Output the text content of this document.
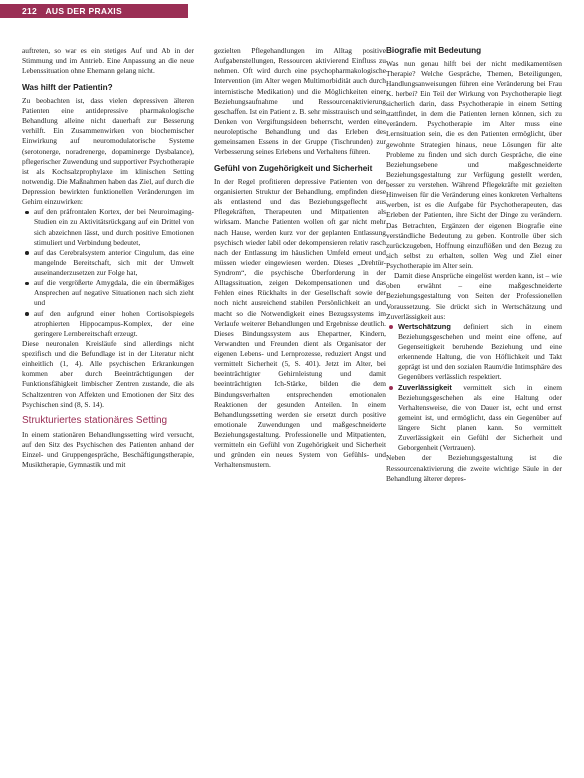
212 AUS DER PRAXIS

auftreten, so war es ein stetiges Auf und Ab in der Stimmung und im Antrieb. Eine Anpassung an die neue Lebenssituation ohne Ehemann gelang nicht.

Was hilft der Patientin?

Zu beobachten ist, dass vielen depressiven älteren Patienten eine antidepressive pharmakologische Behandlung alleine nicht dauerhaft zur Besserung verhilft. Ein Zusammenwirken von biochemischer Einwirkung auf neuromodulatorische Systeme (serotonerge, noradrenerge, dopaminerge Dysbalance), pflegerischer Zuwendung und supportiver Psychotherapie ist als Kochsalzprophylaxe im klinischen Setting notwendig. Die Maßnahmen haben das Ziel, auf durch die Depression bewirkten funktionellen Veränderungen im Gehirn einzuwirken:

auf den präfrontalen Kortex, der bei Neuroimaging-Studien ein zu Aktivitätsrückgang auf ein Drittel von sich abzeichnen lässt, und durch positive Emotionen stimuliert und Verbindung bedeutet,
auf das Cerebralsystem anterior Cingulum, das eine mangelnde Bereitschaft, sich mit der Umwelt auseinanderzusetzen zur Folge hat,
auf die vergrößerte Amygdala, die ein übermäßiges Ansprechen auf negative Situationen nach sich zieht und
auf den aufgrund einer hohen Cortisolspiegels atrophierten Hippocampus-Komplex, der eine geringere Lernbereitschaft erzeugt.

Diese neuronalen Kreisläufe sind allerdings nicht spezifisch und die Befundlage ist in der Literatur nicht einheitlich (1, 4). Alle psychischen Erkrankungen kommen aber durch Beeinträchtigungen der Funktionsfähigkeit limbischer Zentren zustande, die als Schaltzentren von Affekten und Emotionen der Sitz des Psychischen sind (8, S. 14).

Strukturiertes stationäres Setting

In einem stationären Behandlungssetting wird versucht, auf den Sitz des Psychischen des Patienten anhand der Einzel- und Gruppengespräche, Beschäftigungstherapie, Musiktherapie, Gymnastik und mit

gezielten Pflegehandlungen im Alltag positive Aufgabenstellungen, Ressourcen aktivierend Einfluss zu nehmen. Oft wird durch eine psychopharmakologische Intervention (im Alter wegen Multimorbidität auch durch internistische Medikation) und die Möglichkeiten einer Beziehungsaufnahme und Ressourcenaktivierung geschaffen. Ist ein Patient z. B. sehr misstrauisch und sein Denken von Vergiftungsideen beherrscht, werden eine neuroleptische Behandlung und das Erleben des gemeinsamen Essens in der Gruppe (Tischrunden) zur Verbesserung seines Erlebens und Verhaltens führen.

Gefühl von Zugehörigkeit und Sicherheit

In der Regel profitieren depressive Patienten von der organisierten Struktur der Behandlung, empfinden diese als entlastend und das Beziehungsgeflecht aus Pflegekräften, Therapeuten und Mitpatienten als wirksam. Manche Patienten wollen oft gar nicht mehr nach Hause, werden kurz vor der geplanten Entlassung psychisch wieder labil oder dekompensieren relativ rasch nach der Entlassung im häuslichen Umfeld erneut und müssen wieder eingewiesen werden. Dieses „Drehtür-Syndrom“, die psychische Überforderung in der Alltagssituation, zeigen Dekompensationen und das Fehlen eines Rückhalts in der Gesellschaft sowie der noch nicht ausreichend stabilen Persönlichkeit an und macht so die Notwendigkeit eines Bezugssystems im Verlaufe weiterer Behandlungen und Ergebnisse deutlich. Dieses Bindungssystem aus Ehepartner, Kindern, Verwandten und Freunden dient als Organisator der eigenen Lebens- und Lernprozesse, reduziert Angst und vermittelt Sicherheit (5, S. 401). Jetzt im Alter, bei beeinträchtigter Gehirnleistung und damit beeinträchtigten Ich-Stärke, bilden die dem Bindungsverhalten entsprechenden emotionalen Reaktionen der gesunden Anteilen. In einem Behandlungssetting werden sie ersetzt durch positive emotionale Zuwendungen und maßgeschneiderte Beziehungsgestaltung. Professionelle und Mitpatienten, vermitteln ein Gefühl von Zugehörigkeit und Sicherheit und gründen ein neues System von Gefühls- und Verhaltensmustern.

Biografie mit Bedeutung

Was nun genau hilft bei der nicht medikamentösen Therapie? Welche Gespräche, Themen, Beteiligungen, Handlungsanweisungen führen eine Veränderung bei Frau K. herbei? Ein Teil der Wirkung von Psychotherapie liegt sicherlich darin, dass Psychotherapie in einem Setting stattfindet, in dem die Patienten lernen können, sich zu verändern. Psychotherapie im Alter muss eine Lernsituation sein, die es den Patienten ermöglicht, über gewohnte Strategien hinaus, neue Lösungen für alte Probleme zu finden und sich durch Gespräche, die eine Beziehungsebene und maßgeschneiderte Beziehungsgestaltung zur Verfügung gestellt werden, besser zu verstehen. Während Pflegekräfte mit gezielten Hinweisen für die Veränderung eines konkreten Verhaltens werben, ist es die Aufgabe für Psychotherapeuten, das Erleben der Patienten, ihre Sicht der Dinge zu verändern. Das Betrachten, Ergänzen der eigenen Biografie eine verständliche Bedeutung zu geben. Kontrolle über sich zurückzugeben, Hoffnung einzuflößen und den Bezug zu sich selbst zu erhalten, sollen Weg und Ziel einer Psychotherapie im Alter sein.

Damit diese Ansprüche eingelöst werden kann, ist – wie oben erwähnt – eine maßgeschneiderte Beziehungsgestaltung von Seiten der Professionellen Voraussetzung. Sie drückt sich in Wertschätzung und Zuverlässigkeit aus:

Wertschätzung definiert sich in einem Beziehungsgeschehen und meint eine offene, auf Gegenseitigkeit beruhende Beziehung und eine erkennende Haltung, die von Höflichkeit und Takt geprägt ist und den sozialen Raum/die Intimsphäre des Gegenübers verlässlich respektiert.
Zuverlässigkeit vermittelt sich in einem Beziehungsgeschehen als eine Haltung oder Verhaltensweise, die von Dauer ist, echt und ernst gemeint ist, und ermöglicht, dass ein Gegenüber auf längere Sicht planen kann. So vermittelt Zuverlässigkeit ein Gefühl der Sicherheit und Geborgenheit (Vertrauen).

Neben der Beziehungsgestaltung ist die Ressourcenaktivierung die zweite wichtige Säule in der Behandlung älterer depres-
